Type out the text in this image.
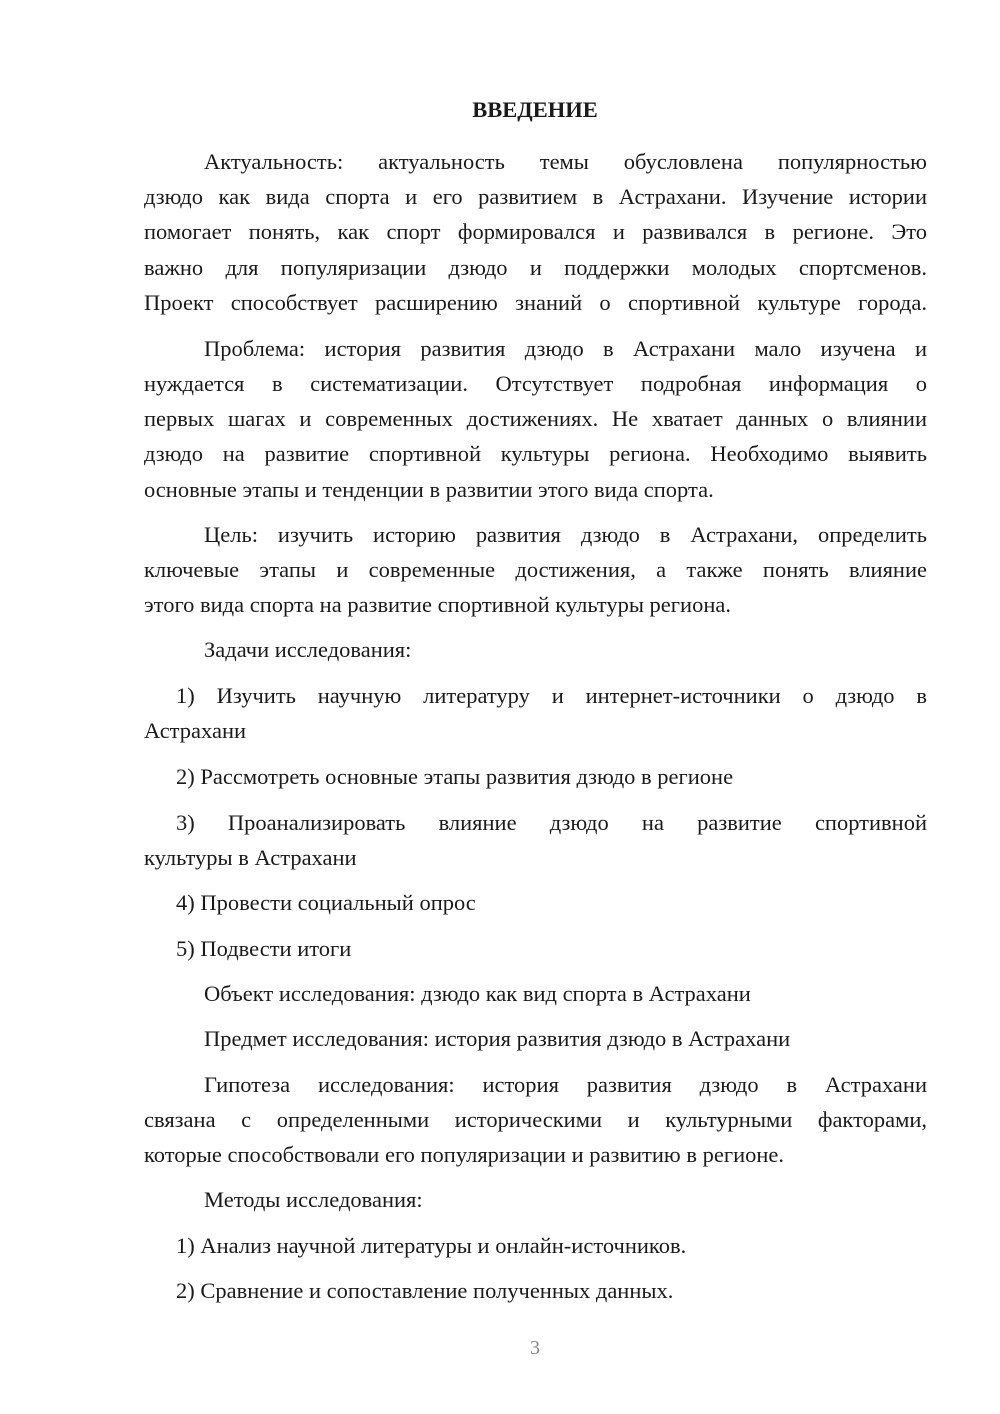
ВВЕДЕНИЕ
Актуальность: актуальность темы обусловлена популярностью
дзюдо как вида спорта и его развитием в Астрахани. Изучение истории
помогает понять, как спорт формировался и развивался в регионе. Это
важно для популяризации дзюдо и поддержки молодых спортсменов.
Проект способствует расширению знаний о спортивной культуре города.
Проблема: история развития дзюдо в Астрахани мало изучена и
нуждается в систематизации. Отсутствует подробная информация о
первых шагах и современных достижениях. Не хватает данных о влиянии
дзюдо на развитие спортивной культуры региона. Необходимо выявить
основные этапы и тенденции в развитии этого вида спорта.
Цель: изучить историю развития дзюдо в Астрахани, определить
ключевые этапы и современные достижения, а также понять влияние
этого вида спорта на развитие спортивной культуры региона.
Задачи исследования:
1) Изучить научную литературу и интернет-источники о дзюдо в
Астрахани
2) Рассмотреть основные этапы развития дзюдо в регионе
3) Проанализировать влияние дзюдо на развитие спортивной
культуры в Астрахани
4) Провести социальный опрос
5) Подвести итоги
Объект исследования: дзюдо как вид спорта в Астрахани
Предмет исследования: история развития дзюдо в Астрахани
Гипотеза исследования: история развития дзюдо в Астрахани
связана с определенными историческими и культурными факторами,
которые способствовали его популяризации и развитию в регионе.
Методы исследования:
1) Анализ научной литературы и онлайн-источников.
2) Сравнение и сопоставление полученных данных.
3
